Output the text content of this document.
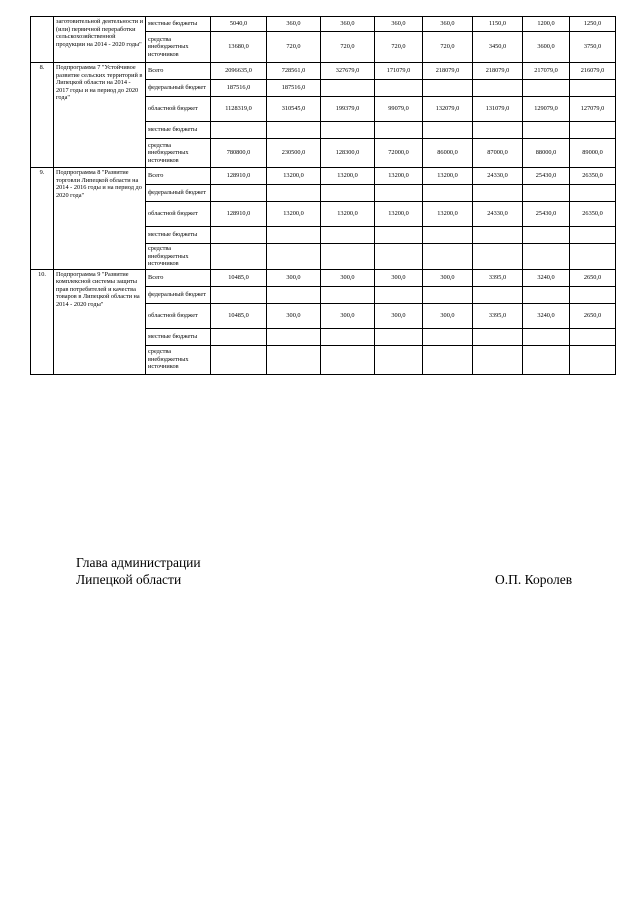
	заготовительной деятельности и (или) первичной переработки сельскохозяйственной продукции на 2014 - 2020 годы"	местные бюджеты	5040,0	360,0	360,0	360,0	360,0	1150,0	1200,0	1250,0
		средства внебюджетных источников	13680,0	720,0	720,0	720,0	720,0	3450,0	3600,0	3750,0
8.	Подпрограмма 7 "Устойчивое развитие сельских территорий в Липецкой области на 2014 - 2017 годы и на период до 2020 года"	Всего	2096635,0	728561,0	327679,0	171079,0	218079,0	218079,0	217079,0	216079,0
		федеральный бюджет	187516,0	187516,0						
		областной бюджет	1128319,0	310545,0	199379,0	99079,0	132079,0	131079,0	129079,0	127079,0
		местные бюджеты								
		средства внебюджетных источников	780800,0	230500,0	128300,0	72000,0	86000,0	87000,0	88000,0	89000,0
9.	Подпрограмма 8 "Развитие торговли Липецкой области на 2014 - 2016 годы и на период до 2020 года"	Всего	128910,0	13200,0	13200,0	13200,0	13200,0	24330,0	25430,0	26350,0
		федеральный бюджет								
		областной бюджет	128910,0	13200,0	13200,0	13200,0	13200,0	24330,0	25430,0	26350,0
		местные бюджеты								
		средства внебюджетных источников								
10.	Подпрограмма 9 "Развитие комплексной системы защиты прав потребителей и качества товаров в Липецкой области на 2014 - 2020 годы"	Всего	10485,0	300,0	300,0	300,0	300,0	3395,0	3240,0	2650,0
		федеральный бюджет								
		областной бюджет	10485,0	300,0	300,0	300,0	300,0	3395,0	3240,0	2650,0
		местные бюджеты								
		средства внебюджетных источников								
Глава администрации
Липецкой области	О.П. Королев
